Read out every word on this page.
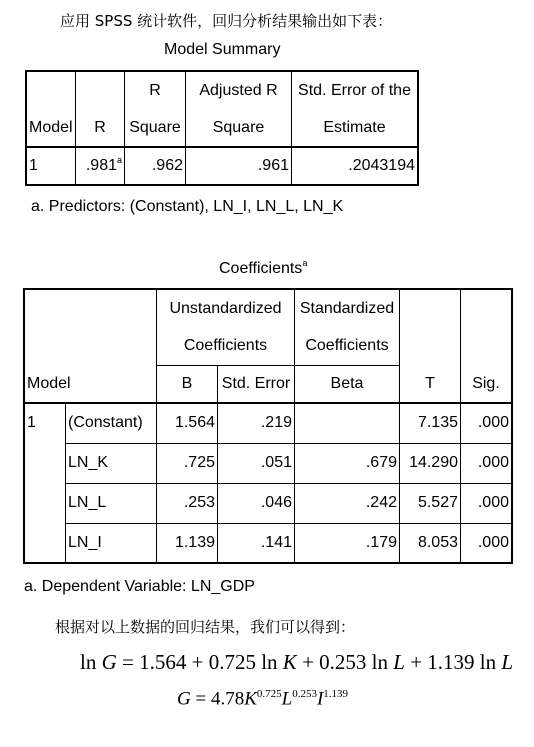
应用 SPSS 统计软件，回归分析结果输出如下表：
Model Summary
Model	R	R	Adjusted R	Std. Error of the
		Square	Square	Estimate
1	.981$^a$	.962	.961	.2043194
a. Predictors: (Constant), LN_I, LN_L, LN_K
Coefficients$^a$
Model		Unstandardized		Standardized	T	Sig.
		Coefficients		Coefficients		
		B	Std. Error	Beta		
1	(Constant)	1.564	.219		7.135	.000
	LN_K	.725	.051	.679	14.290	.000
	LN_L	.253	.046	.242	5.527	.000
	LN_I	1.139	.141	.179	8.053	.000
a. Dependent Variable: LN_GDP
根据对以上数据的回归结果，我们可以得到：
ln G = 1.564 + 0.725 ln K + 0.253 ln L + 1.139 ln L
$G = 4.78K^{0.725}L^{0.253}I^{1.139}$
